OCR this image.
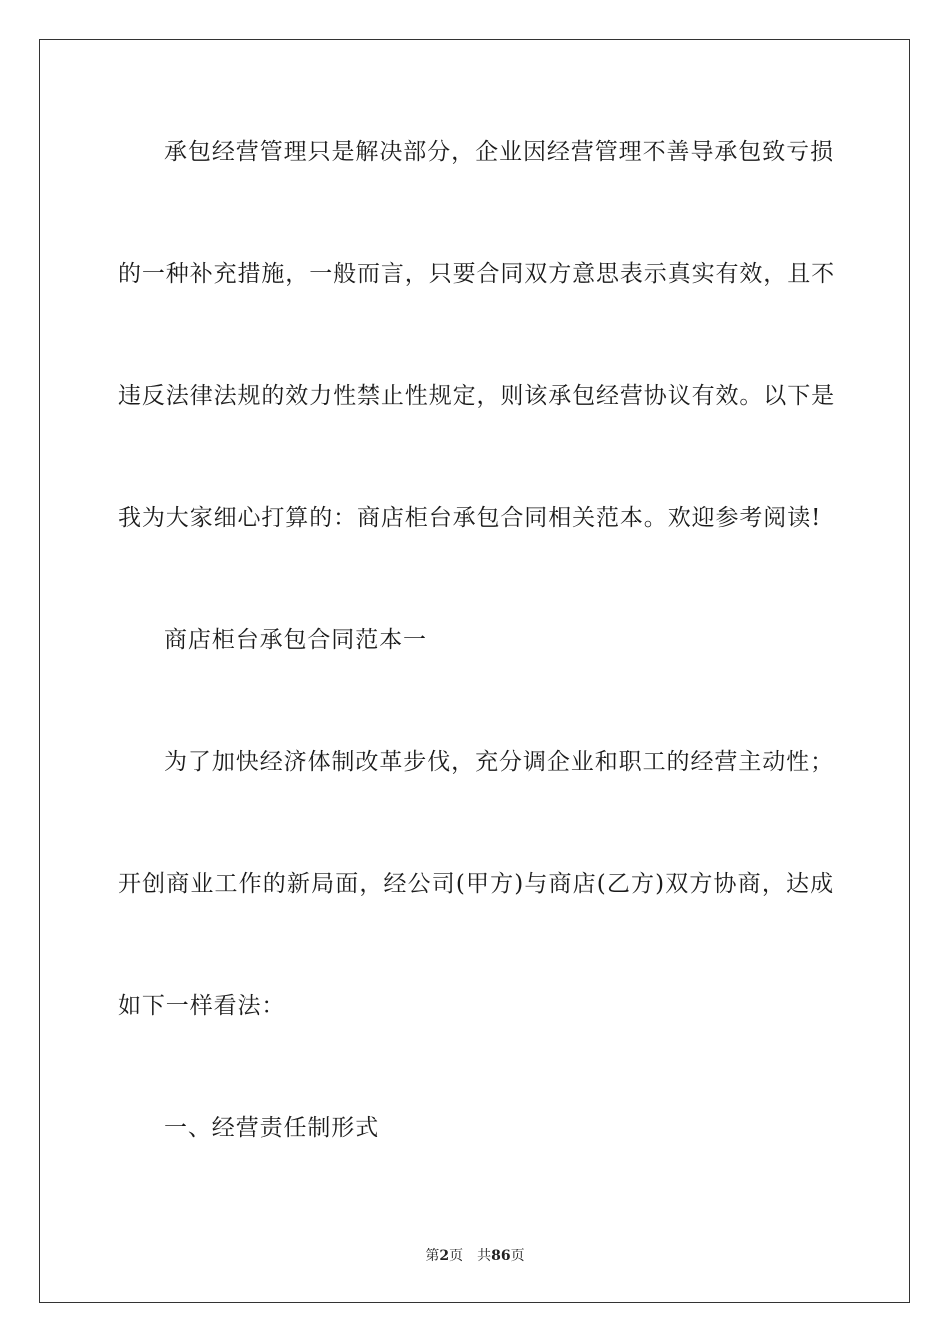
承包经营管理只是解决部分，企业因经营管理不善导承包致亏损
的一种补充措施，一般而言，只要合同双方意思表示真实有效，且不
违反法律法规的效力性禁止性规定，则该承包经营协议有效。以下是
我为大家细心打算的：商店柜台承包合同相关范本。欢迎参考阅读!
商店柜台承包合同范本一
为了加快经济体制改革步伐，充分调企业和职工的经营主动性；
开创商业工作的新局面，经公司(甲方)与商店(乙方)双方协商，达成
如下一样看法：
一、经营责任制形式
第2页 共86页
